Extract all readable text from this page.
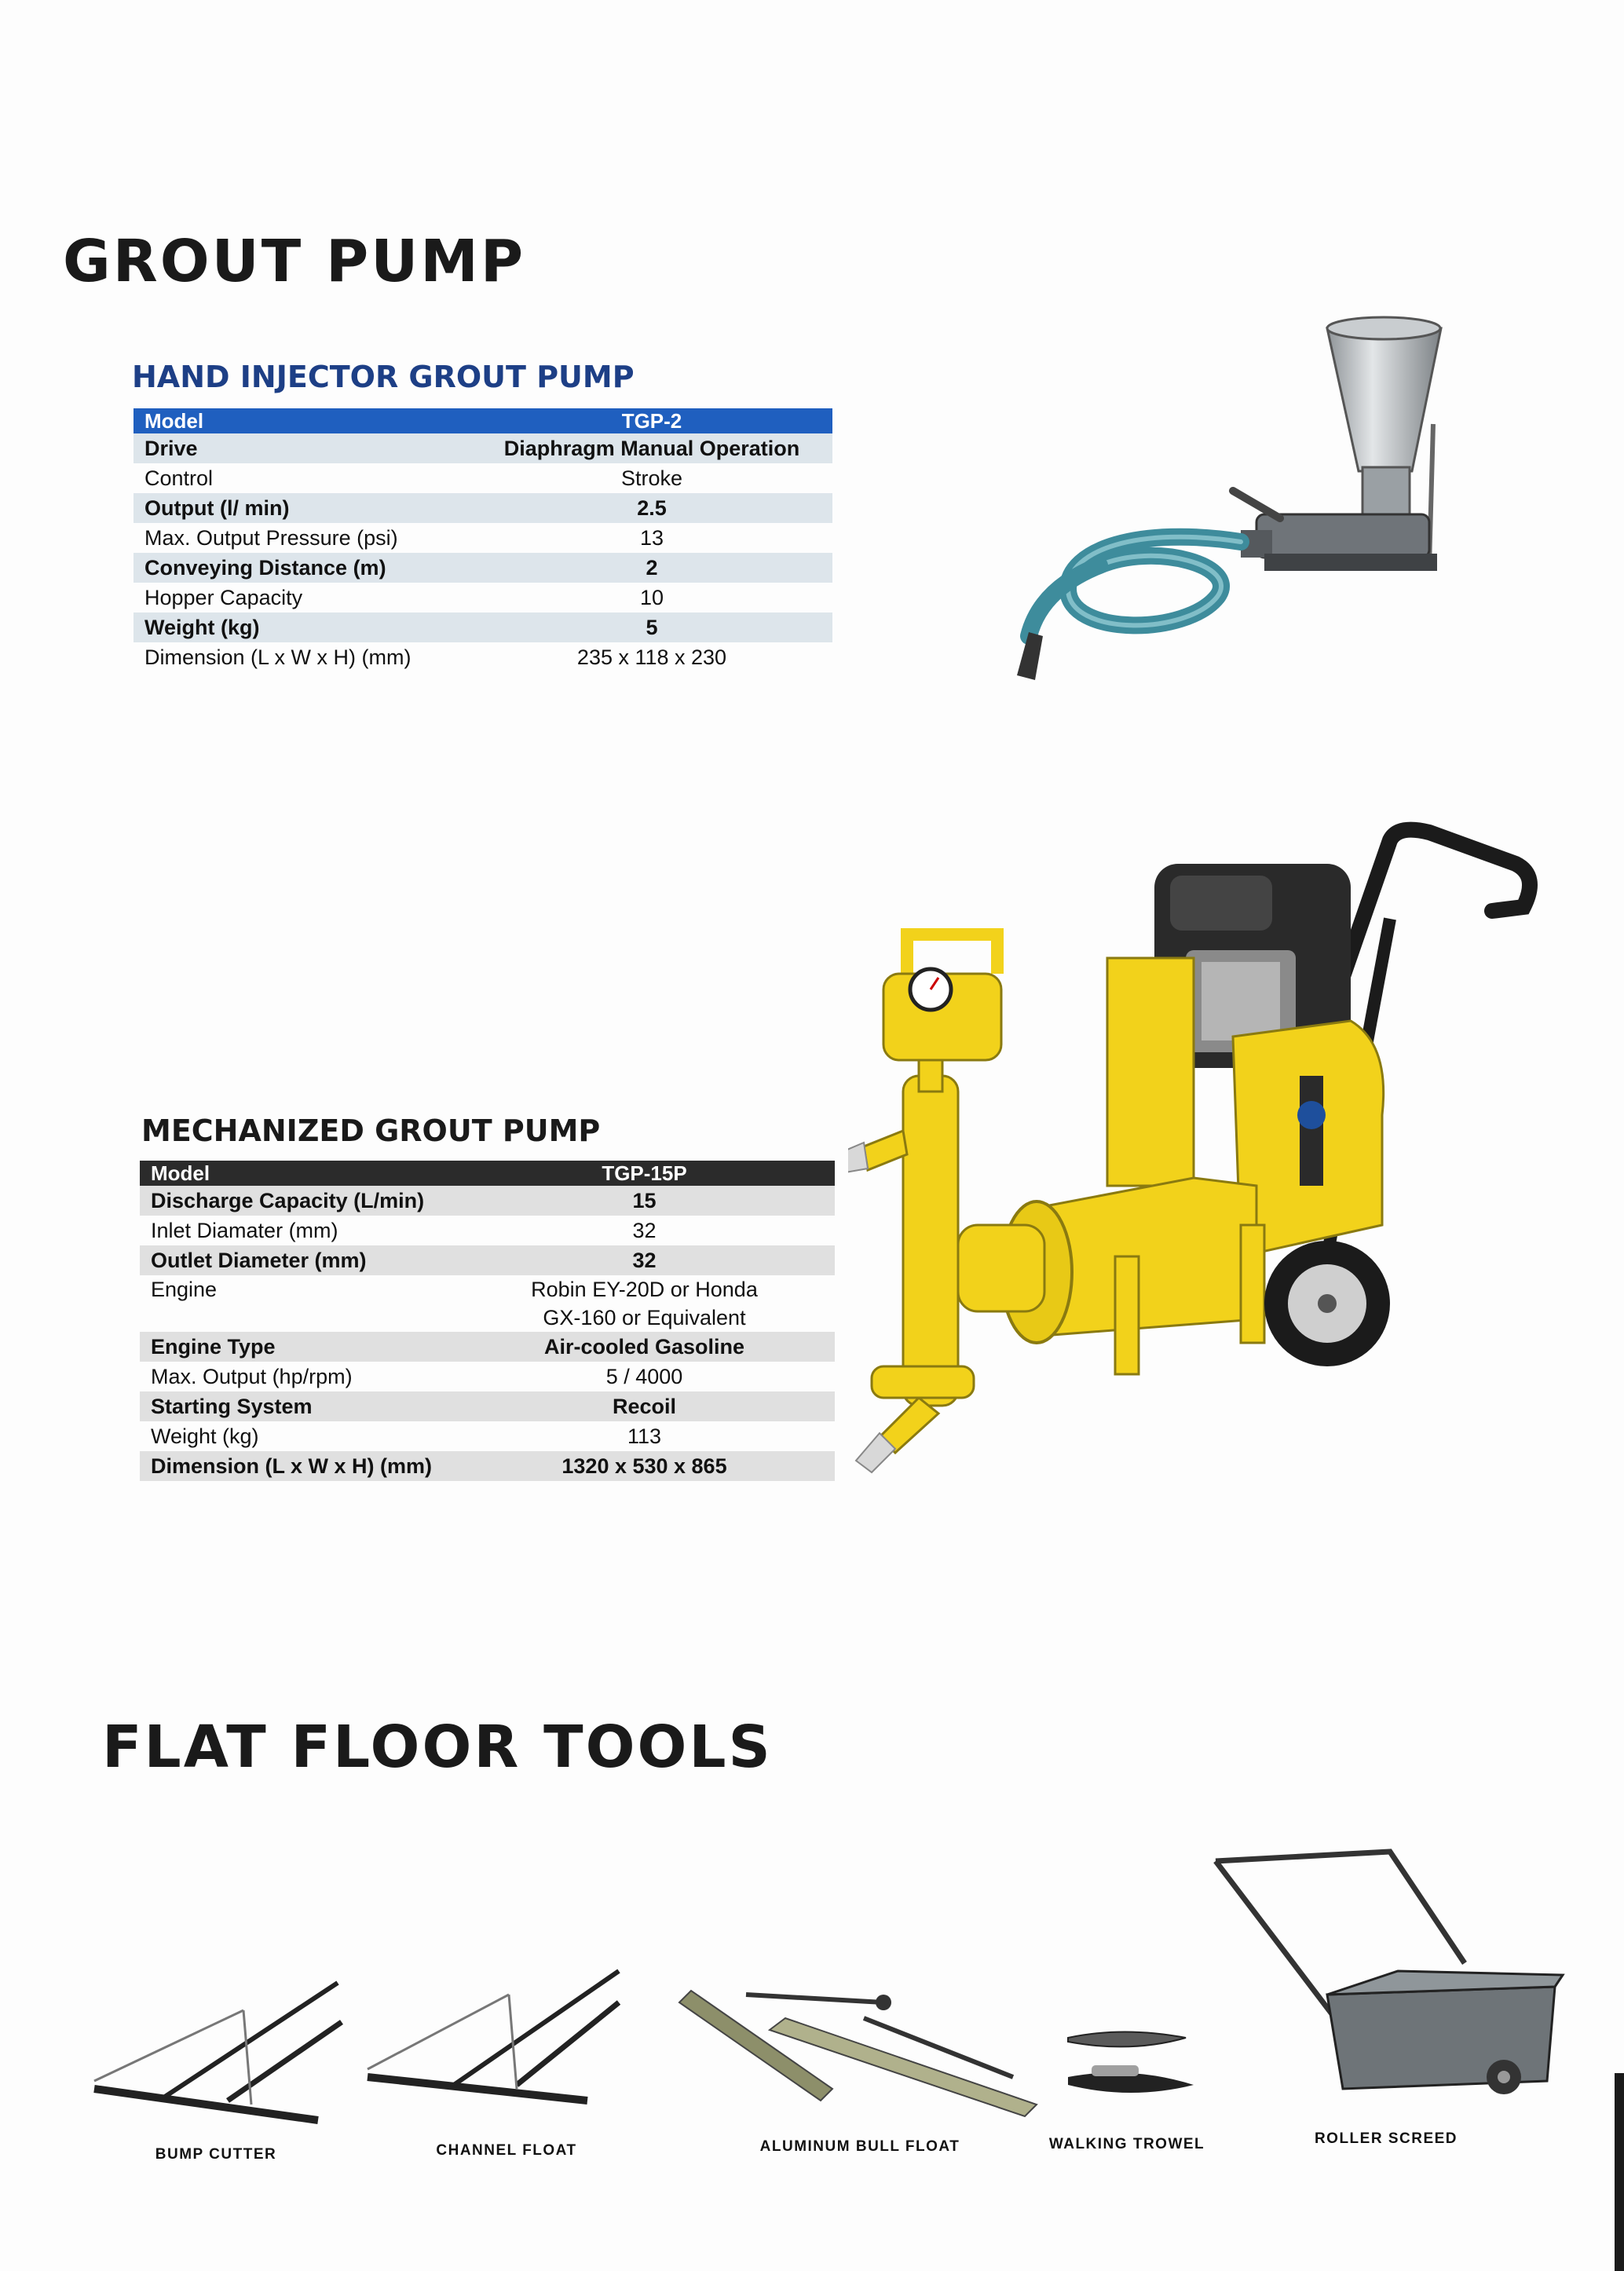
GROUT PUMP
HAND INJECTOR GROUT PUMP
Model	TGP-2
Drive	Diaphragm Manual Operation
Control	Stroke
Output (l/ min)	2.5
Max. Output Pressure (psi)	13
Conveying Distance (m)	2
Hopper Capacity	10
Weight (kg)	5
Dimension (L x W x H) (mm)	235 x 118 x 230
MECHANIZED GROUT PUMP
Model	TGP-15P
Discharge Capacity (L/min)	15
Inlet Diamater (mm)	32
Outlet Diameter (mm)	32
Engine	Robin EY-20D or Honda GX-160 or Equivalent
Engine Type	Air-cooled Gasoline
Max. Output (hp/rpm)	5 / 4000
Starting System	Recoil
Weight (kg)	113
Dimension (L x W x H) (mm)	1320 x 530 x 865
FLAT FLOOR TOOLS
BUMP CUTTER	CHANNEL FLOAT	ALUMINUM BULL FLOAT	WALKING TROWEL	ROLLER SCREED
